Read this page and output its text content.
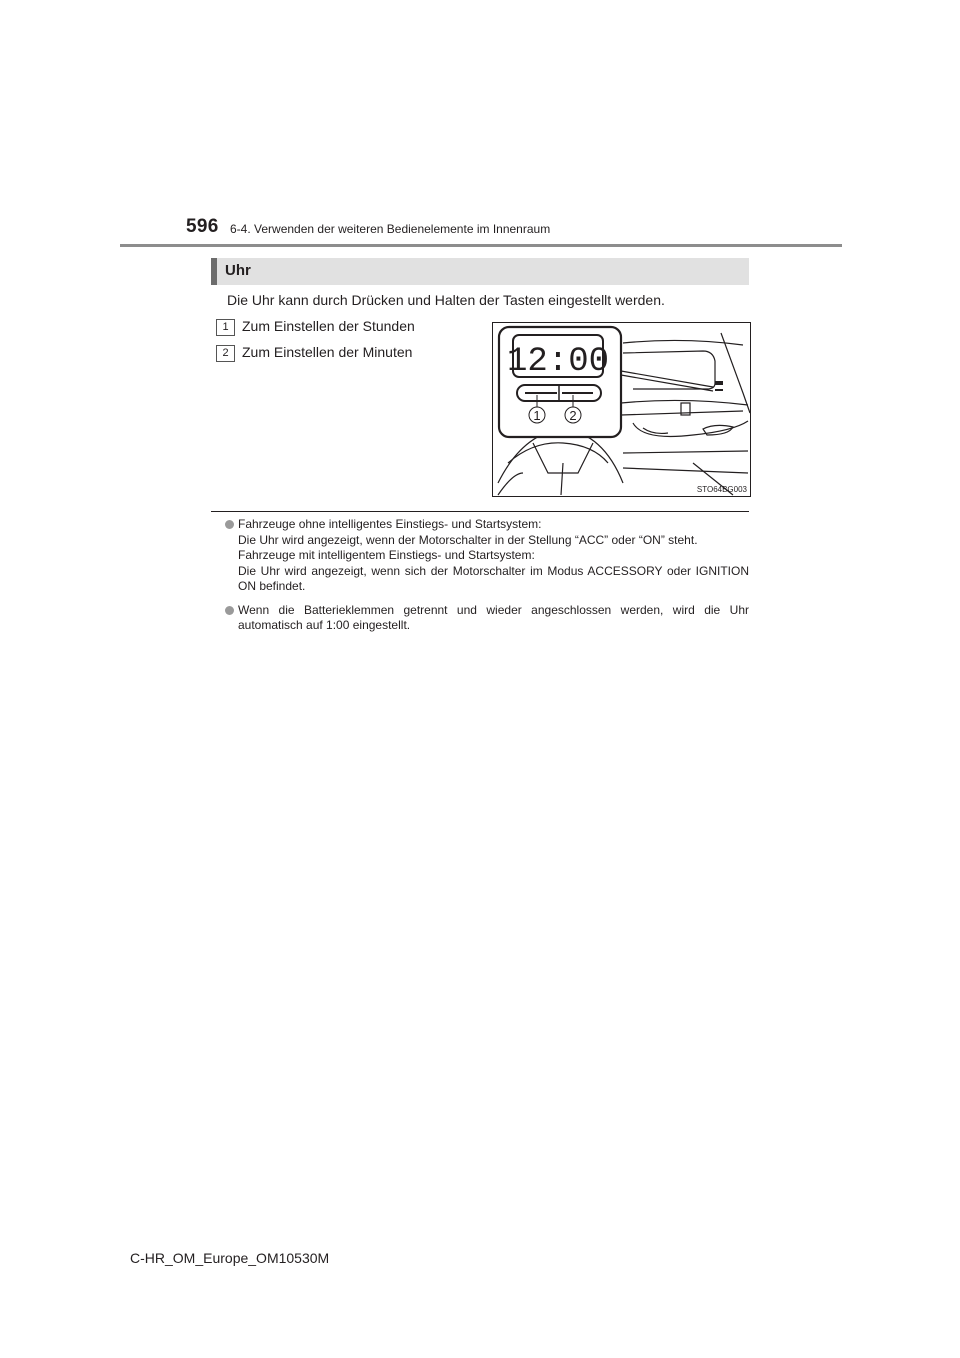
596 6-4. Verwenden der weiteren Bedienelemente im Innenraum
Uhr
Die Uhr kann durch Drücken und Halten der Tasten eingestellt werden.
1 Zum Einstellen der Stunden
2 Zum Einstellen der Minuten	12:00
1 2
STO64BG003

Fahrzeuge ohne intelligentes Einstiegs- und Startsystem:

Die Uhr wird angezeigt, wenn der Motorschalter in der Stellung “ACC” oder “ON” steht.

Fahrzeuge mit intelligentem Einstiegs- und Startsystem:

Die Uhr wird angezeigt, wenn sich der Motorschalter im Modus ACCESSORY oder IGNITION ON befindet.

Wenn die Batterieklemmen getrennt und wieder angeschlossen werden, wird die Uhr automatisch auf 1:00 eingestellt.

C-HR_OM_Europe_OM10530M
